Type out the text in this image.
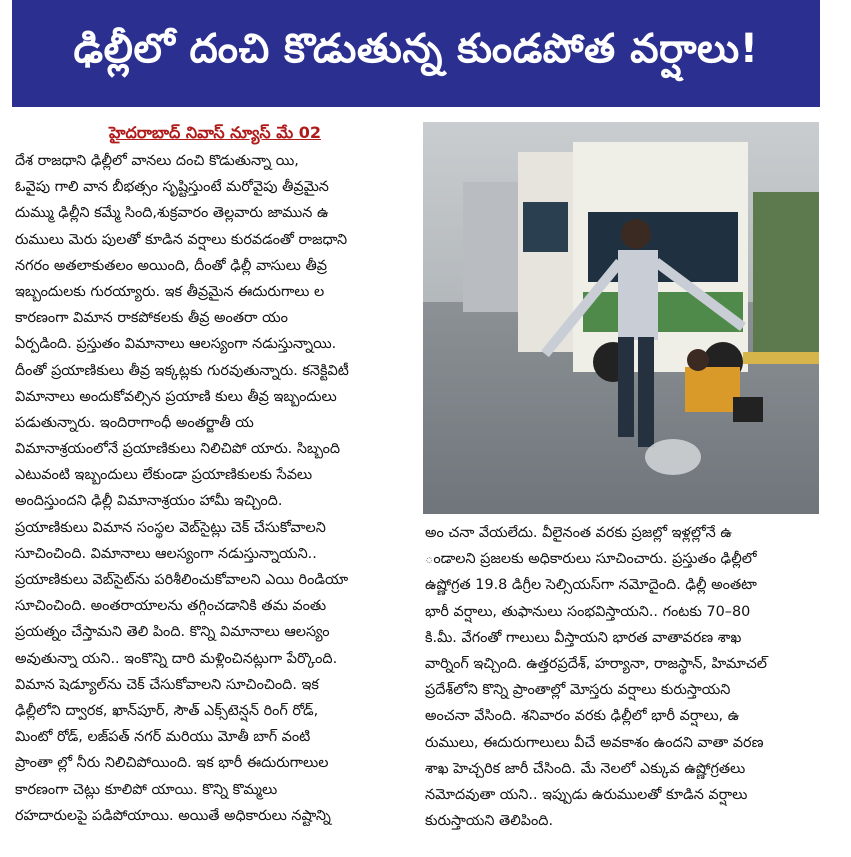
ఢిల్లీలో దంచి కొడుతున్న కుండపోత వర్షాలు!
హైదరాబాద్ నివాస్ న్యూస్ మే 02
దేశ రాజధాని ఢిల్లీలో వానలు దంచి కొడుతున్నా యి,
ఓవైపు గాలి వాన బీభత్సం సృష్టిస్తుంటే మరోవైపు తీవ్రమైన
దుమ్ము ఢిల్లీని కమ్మే సింది,శుక్రవారం తెల్లవారు జామున ఉ
రుములు మెరు పులతో కూడిన వర్షాలు కురవడంతో రాజధాని
నగరం అతలాకుతలం అయింది, దీంతో ఢిల్లీ వాసులు తీవ్ర
ఇబ్బందులకు గురయ్యారు. ఇక తీవ్రమైన ఈదురుగాలు ల
కారణంగా విమాన రాకపోకలకు తీవ్ర అంతరా యం
ఏర్పడింది. ప్రస్తుతం విమానాలు ఆలస్యంగా నడుస్తున్నాయి.
దీంతో ప్రయాణికులు తీవ్ర ఇక్కట్లకు గురవుతున్నారు. కనెక్టివిటీ
విమానాలు అందుకోవల్సిన ప్రయాణి కులు తీవ్ర ఇబ్బందులు
పడుతున్నారు. ఇందిరాగాంధీ అంతర్జాతీ య
విమానాశ్రయంలోనే ప్రయాణికులు నిలిచిపో యారు. సిబ్బంది
ఎటువంటి ఇబ్బందులు లేకుండా ప్రయాణికులకు సేవలు
అందిస్తుందని ఢిల్లీ విమానాశ్రయం హామీ ఇచ్చింది.
ప్రయాణికులు విమాన సంస్థల వెబ్‌సైట్లు చెక్ చేసుకోవాలని
సూచించింది. విమానాలు ఆలస్యంగా నడుస్తున్నాయని..
ప్రయాణికులు వెబ్‌సైట్‌ను పరిశీలించుకోవాలని ఎయి రిండియా
సూచించింది. అంతరాయాలను తగ్గించడానికి తమ వంతు
ప్రయత్నం చేస్తామని తెలి పింది. కొన్ని విమానాలు ఆలస్యం
అవుతున్నా యని.. ఇంకొన్ని దారి మళ్లించినట్లుగా పేర్కొంది.
విమాన షెడ్యూల్‌ను చెక్ చేసుకోవాలని సూచించింది. ఇక
ఢిల్లీలోని ద్వారక, ఖాన్‌పూర్, సౌత్ ఎక్స్‌టెన్షన్ రింగ్ రోడ్,
మింటో రోడ్, లజ్‌పత్ నగర్ మరియు మోతీ బాగ్ వంటి
ప్రాంతా ల్లో నీరు నిలిచిపోయింది. ఇక భారీ ఈదురుగాలుల
కారణంగా చెట్లు కూలిపో యాయి. కొన్ని కొమ్మలు
రహదారులపై పడిపోయాయి. అయితే అధికారులు నష్టాన్ని
అం చనా వేయలేదు. వీలైనంత వరకు ప్రజల్లో ఇళ్లల్లోనే ఉ
ండాలని ప్రజలకు అధికారులు సూచించారు. ప్రస్తుతం ఢిల్లీలో
ఉష్ణోగ్రత 19.8 డిగ్రీల సెల్సియస్‌గా నమోదైంది. ఢిల్లీ అంతటా
భారీ వర్షాలు, తుఫానులు సంభవిస్తాయని.. గంటకు 70–80
కి.మీ. వేగంతో గాలులు వీస్తాయని భారత వాతావరణ శాఖ
వార్నింగ్ ఇచ్చింది. ఉత్తరప్రదేశ్, హర్యానా, రాజస్థాన్, హిమాచల్
ప్రదేశ్‌లోని కొన్ని ప్రాంతాల్లో మోస్తరు వర్షాలు కురుస్తాయని
అంచనా వేసింది. శనివారం వరకు ఢిల్లీలో భారీ వర్షాలు, ఉ
రుములు, ఈదురుగాలులు వీచే అవకాశం ఉందని వాతా వరణ
శాఖ హెచ్చరిక జారీ చేసింది. మే నెలలో ఎక్కువ ఉష్ణోగ్రతలు
నమోదవుతా యని.. ఇప్పుడు ఉరుములతో కూడిన వర్షాలు
కురుస్తాయని తెలిపింది.
